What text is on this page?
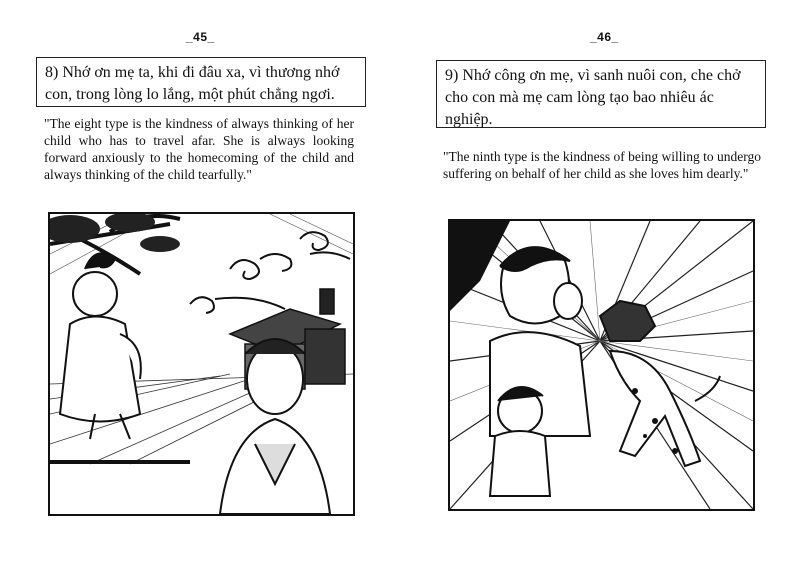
_45_
8) Nhớ ơn mẹ ta, khi đi đâu xa, vì thương nhớ con, trong lòng lo lắng, một phút chẳng ngơi.
"The eight type is the kindness of always thinking of her child who has to travel afar. She is always looking forward anxiously to the homecoming of the child and always thinking of the child tearfully."
_46_
9) Nhớ công ơn mẹ, vì sanh nuôi con, che chở cho con mà mẹ cam lòng tạo bao nhiêu ác nghiệp.
"The ninth type is the kindness of being willing to undergo suffering on behalf of her child as she loves him dearly."
